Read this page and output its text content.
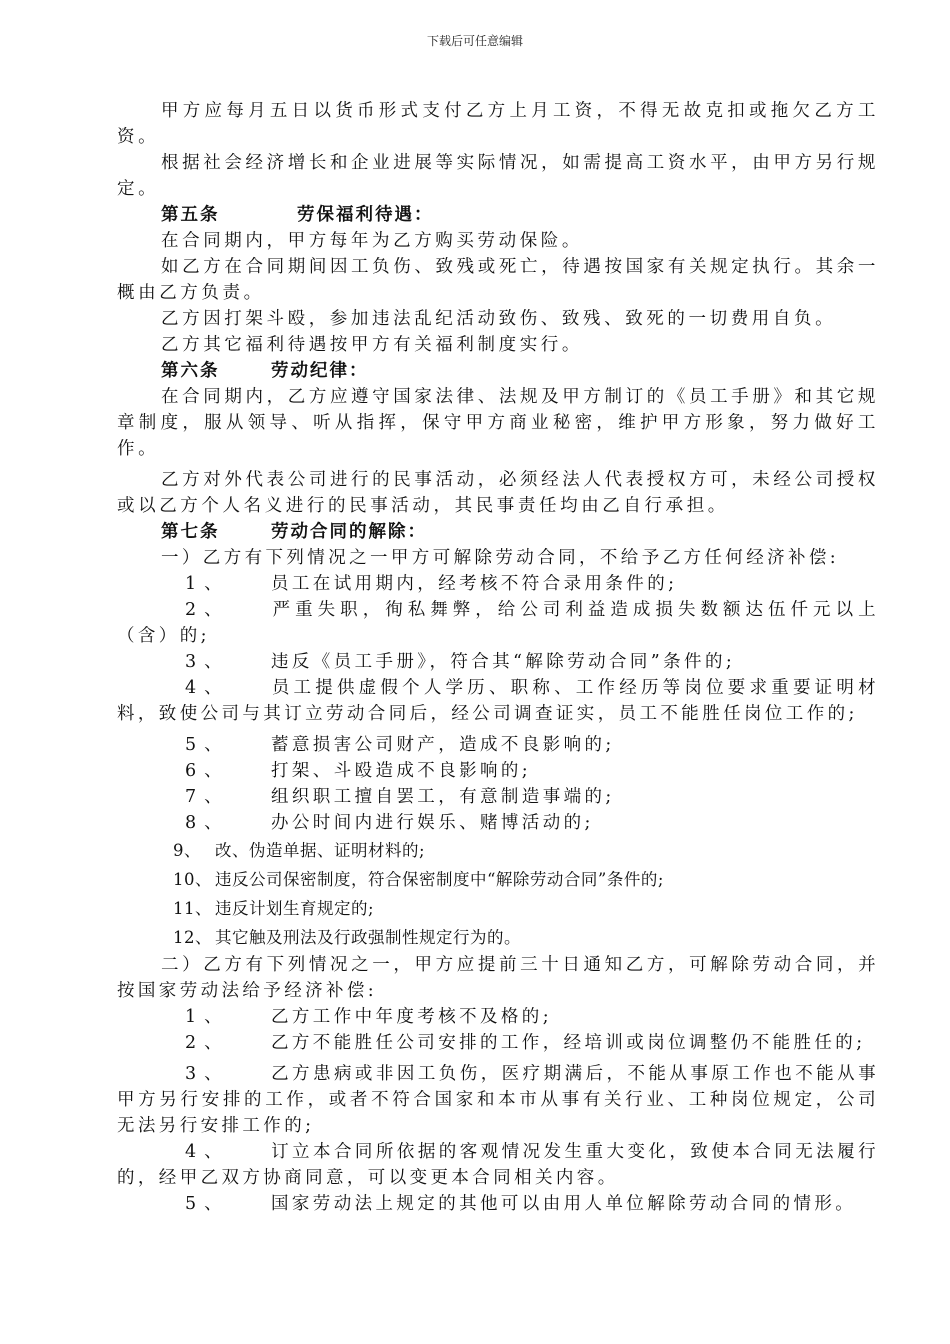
下载后可任意编辑

甲方应每月五日以货币形式支付乙方上月工资，不得无故克扣或拖欠乙方工资。

根据社会经济增长和企业进展等实际情况，如需提高工资水平，由甲方另行规定。

第五条	劳保福利待遇：

在合同期内，甲方每年为乙方购买劳动保险。

如乙方在合同期间因工负伤、致残或死亡，待遇按国家有关规定执行。其余一概由乙方负责。

乙方因打架斗殴，参加违法乱纪活动致伤、致残、致死的一切费用自负。

乙方其它福利待遇按甲方有关福利制度实行。

第六条	劳动纪律：

在合同期内，乙方应遵守国家法律、法规及甲方制订的《员工手册》和其它规章制度，服从领导、听从指挥，保守甲方商业秘密，维护甲方形象，努力做好工作。

乙方对外代表公司进行的民事活动，必须经法人代表授权方可，未经公司授权或以乙方个人名义进行的民事活动，其民事责任均由乙自行承担。

第七条	劳动合同的解除：

一）乙方有下列情况之一甲方可解除劳动合同，不给予乙方任何经济补偿:

1、 员工在试用期内，经考核不符合录用条件的;

2、 严重失职，徇私舞弊，给公司利益造成损失数额达伍仟元以上（含）的;

3、 违反《员工手册》，符合其“解除劳动合同”条件的;

4、 员工提供虚假个人学历、职称、工作经历等岗位要求重要证明材料，致使公司与其订立劳动合同后，经公司调查证实，员工不能胜任岗位工作的;

5、 蓄意损害公司财产，造成不良影响的;

6、 打架、斗殴造成不良影响的;

7、 组织职工擅自罢工，有意制造事端的;

8、 办公时间内进行娱乐、赌博活动的;

9、 改、伪造单据、证明材料的;

10、 违反公司保密制度，符合保密制度中“解除劳动合同”条件的;

11、 违反计划生育规定的;

12、 其它触及刑法及行政强制性规定行为的。

二）乙方有下列情况之一，甲方应提前三十日通知乙方，可解除劳动合同，并按国家劳动法给予经济补偿:

1、 乙方工作中年度考核不及格的;

2、 乙方不能胜任公司安排的工作，经培训或岗位调整仍不能胜任的;

3、 乙方患病或非因工负伤，医疗期满后，不能从事原工作也不能从事甲方另行安排的工作，或者不符合国家和本市从事有关行业、工种岗位规定，公司无法另行安排工作的;

4、 订立本合同所依据的客观情况发生重大变化，致使本合同无法履行的，经甲乙双方协商同意，可以变更本合同相关内容。

5、 国家劳动法上规定的其他可以由用人单位解除劳动合同的情形。
